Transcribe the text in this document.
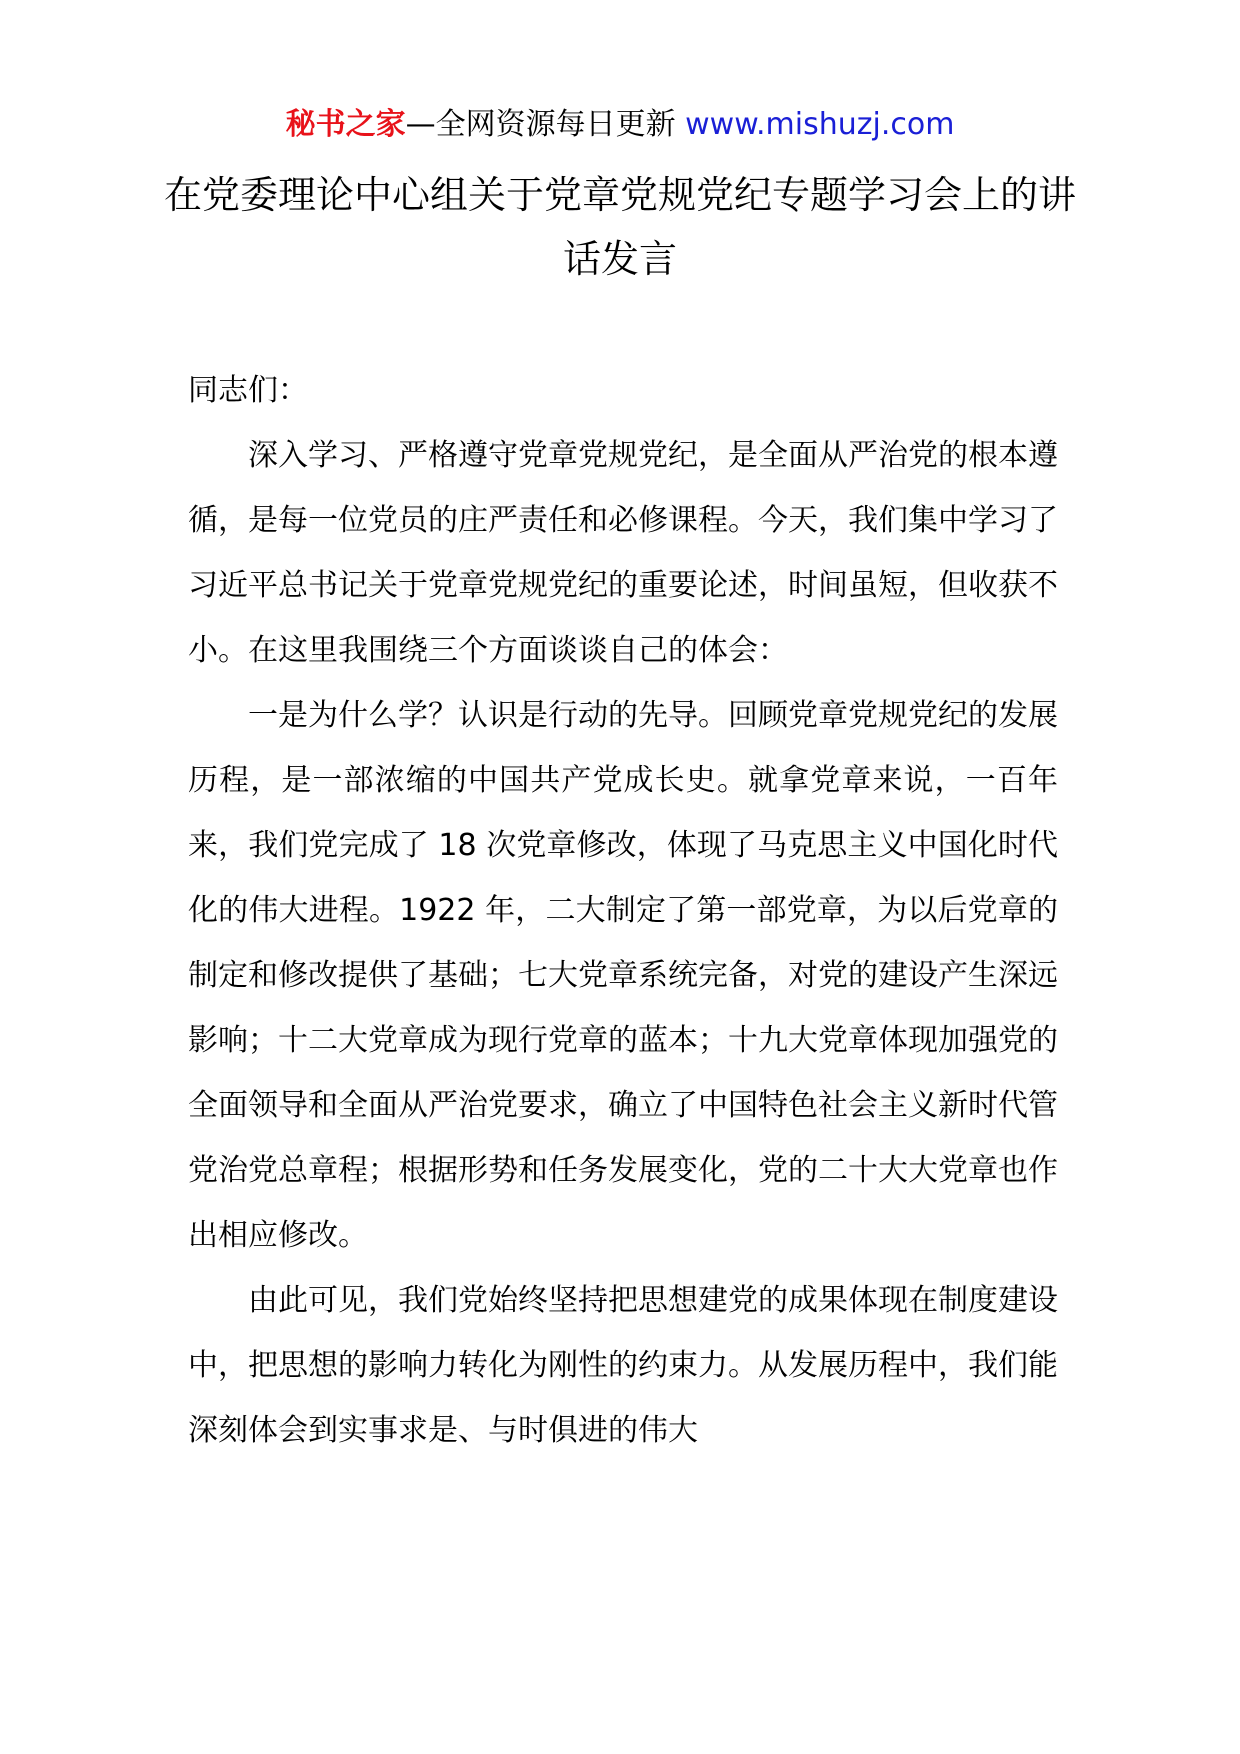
秘书之家—全网资源每日更新 www.mishuzj.com
在党委理论中心组关于党章党规党纪专题学习会上的讲话发言

同志们：

深入学习、严格遵守党章党规党纪，是全面从严治党的根本遵循，是每一位党员的庄严责任和必修课程。今天，我们集中学习了习近平总书记关于党章党规党纪的重要论述，时间虽短，但收获不小。在这里我围绕三个方面谈谈自己的体会：

一是为什么学？认识是行动的先导。回顾党章党规党纪的发展历程，是一部浓缩的中国共产党成长史。就拿党章来说，一百年来，我们党完成了 18 次党章修改，体现了马克思主义中国化时代化的伟大进程。1922 年，二大制定了第一部党章，为以后党章的制定和修改提供了基础；七大党章系统完备，对党的建设产生深远影响；十二大党章成为现行党章的蓝本；十九大党章体现加强党的全面领导和全面从严治党要求，确立了中国特色社会主义新时代管党治党总章程；根据形势和任务发展变化，党的二十大大党章也作出相应修改。

由此可见，我们党始终坚持把思想建党的成果体现在制度建设中，把思想的影响力转化为刚性的约束力。从发展历程中，我们能深刻体会到实事求是、与时俱进的伟大
